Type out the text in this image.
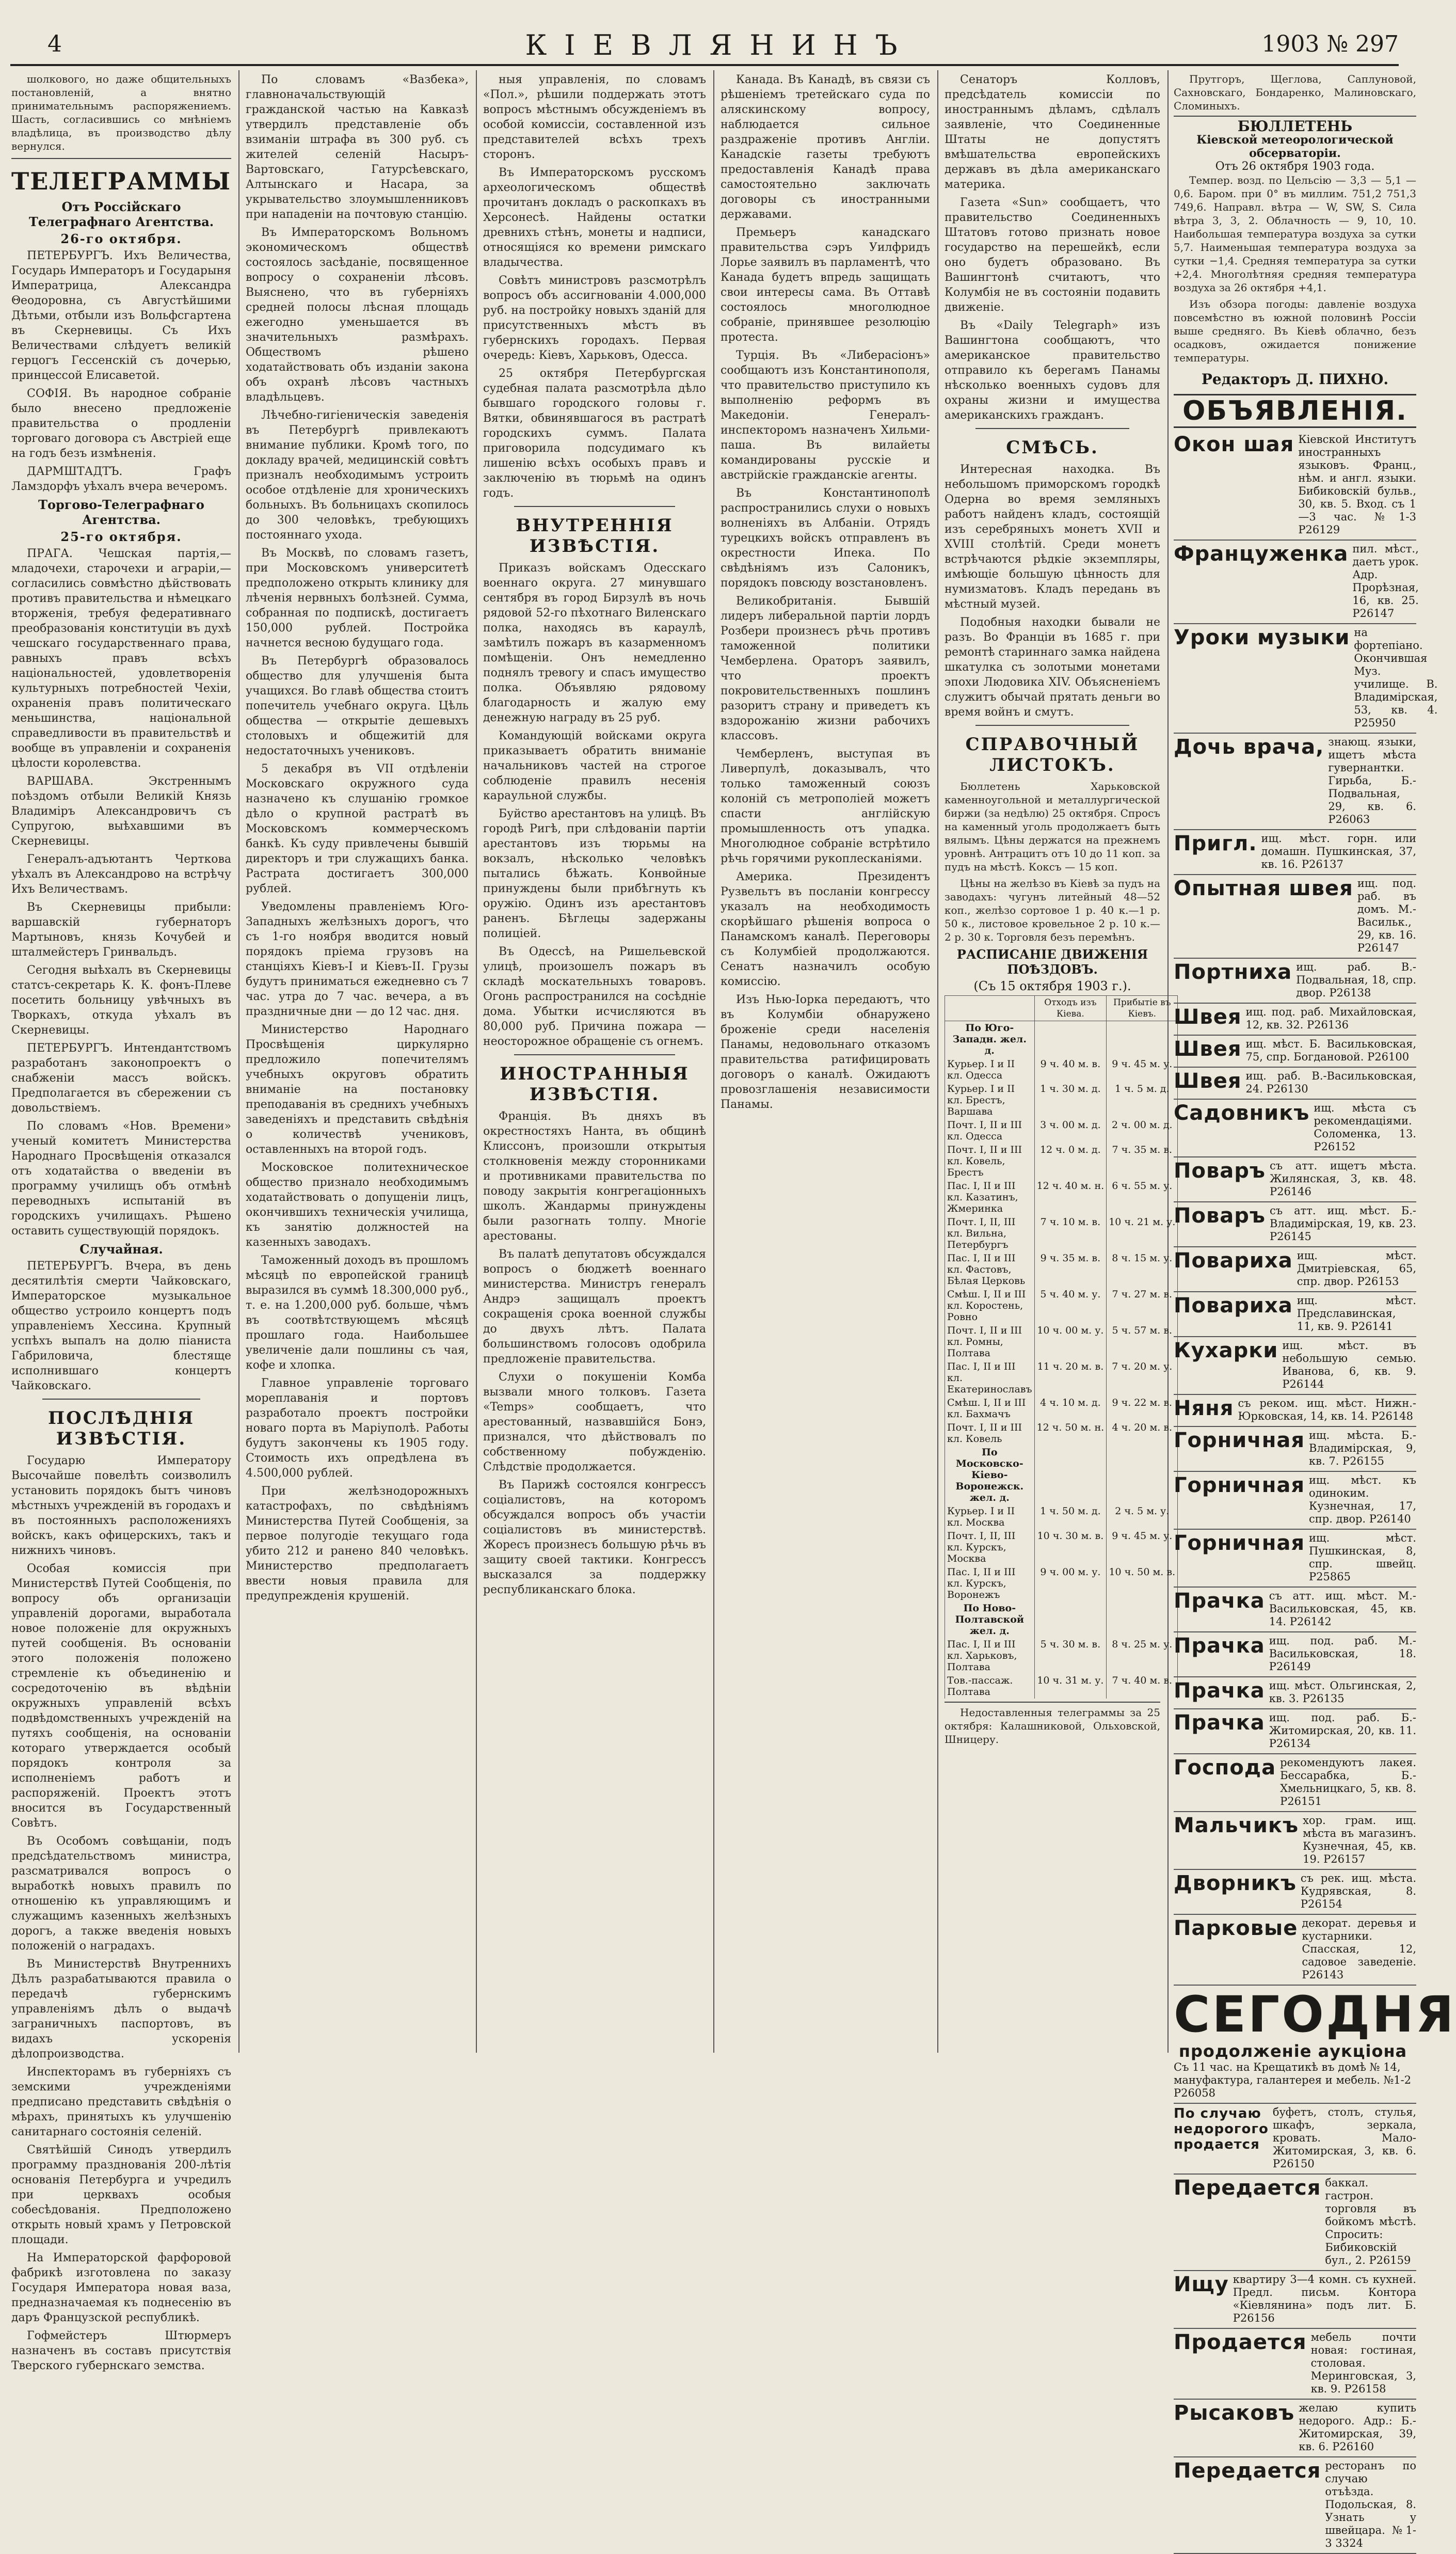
4	КІЕВЛЯНИНЪ	1903 № 297

шолкового, но даже общительныхъ постановленій, а внятно принимательнымъ распоряжениемъ. Шасть, согласившись со мнѣніемъ владѣлица, въ производство дѣлу вернулся.

ТЕЛЕГРАММЫ
Отъ Россійскаго Телеграфнаго Агентства.
26-го октября.

ПЕТЕРБУРГЪ. Ихъ Величества, Государь Императоръ и Государыня Императрица, Александра Θеодоровна, съ Августѣйшими Дѣтьми, отбыли изъ Вольфсгартена въ Скерневицы. Съ Ихъ Величествами слѣдуетъ великій герцогъ Гессенскій съ дочерью, принцессой Елисаветой.

СОФІЯ. Въ народное собраніе было внесено предложеніе правительства о продленіи торговаго договора съ Австріей еще на годъ безъ измѣненія.

ДАРМШТАДТЪ. Графъ Ламздорфъ уѣхалъ вчера вечеромъ.

Торгово-Телеграфнаго Агентства.
25-го октября.

ПРАГА. Чешская партія,—младочехи, старочехи и аграріи,—согласились совмѣстно дѣйствовать противъ правительства и нѣмецкаго вторженія, требуя федеративнаго преобразованія конституціи въ духѣ чешскаго государственнаго права, равныхъ правъ всѣхъ національностей, удовлетворенія культурныхъ потребностей Чехіи, охраненія правъ политическаго меньшинства, національной справедливости въ правительствѣ и вообще въ управленіи и сохраненія цѣлости королевства.

ВАРШАВА. Экстреннымъ поѣздомъ отбыли Великій Князь Владиміръ Александровичъ съ Супругою, выѣхавшими въ Скерневицы.

Генералъ-адъютантъ Черткова уѣхалъ въ Александрово на встрѣчу Ихъ Величествамъ.

Въ Скерневицы прибыли: варшавскій губернаторъ Мартыновъ, князь Кочубей и шталмейстеръ Гринвальдъ.

Сегодня выѣхалъ въ Скерневицы статсъ-секретарь К. К. фонъ-Плеве посетить больницу увѣчныхъ въ Творкахъ, откуда уѣхалъ въ Скерневицы.

ПЕТЕРБУРГЪ. Интендантствомъ разработанъ законопроектъ о снабженіи массъ войскъ. Предполагается въ сбережении съ довольствіемъ.

По словамъ «Нов. Времени» ученый комитетъ Министерства Народнаго Просвѣщенія отказался отъ ходатайства о введеніи въ программу училищъ объ отмѣнѣ переводныхъ испытаній въ городскихъ училищахъ. Рѣшено оставить существующій порядокъ.

Случайная.

ПЕТЕРБУРГЪ. Вчера, въ день десятилѣтія смерти Чайковскаго, Императорское музыкальное общество устроило концертъ подъ управленіемъ Хессина. Крупный успѣхъ выпалъ на долю піанистa Габриловича, блестяще исполнившаго концертъ Чайковскаго.

ПОСЛѢДНІЯ ИЗВѢСТІЯ.

Государю Императору Высочайше повелѣть соизволилъ установить порядокъ бытъ чиновъ мѣстныхъ учрежденій въ городахъ и въ постоянныхъ расположенияхъ войскъ, какъ офицерскихъ, такъ и нижнихъ чиновъ.

Особая комиссія при Министерствѣ Путей Сообщенія, по вопросу объ организаціи управленій дорогами, выработала новое положеніе для окружныхъ путей сообщенія. Въ основаніи этого положенія положено стремленіе къ объединенію и сосредоточенію въ вѣдѣніи окружныхъ управленій всѣхъ подвѣдомственныхъ учрежденій на путяхъ сообщенія, на основаніи котораго утверждается особый порядокъ контроля за исполненіемъ работъ и распоряженій. Проектъ этотъ вносится въ Государственный Совѣтъ.

Въ Особомъ совѣщаніи, подъ предсѣдательствомъ министра, разсматривался вопросъ о выработкѣ новыхъ правилъ по отношенію къ управляющимъ и служащимъ казенныхъ желѣзныхъ дорогъ, а также введенія новыхъ положеній о наградахъ.

Въ Министерствѣ Внутреннихъ Дѣлъ разрабатываются правила о передачѣ губернскимъ управленіямъ дѣлъ о выдачѣ заграничныхъ паспортовъ, въ видахъ ускоренія дѣлопроизводства.

Инспекторамъ въ губерніяхъ съ земскими учрежденіями предписано представить свѣдѣнія о мѣрахъ, принятыхъ къ улучшенію санитарнаго состоянія селеній.

Святѣйшій Синодъ утвердилъ программу празднованія 200-лѣтія основанія Петербурга и учредилъ при церквахъ особыя собесѣдованія. Предположено открыть новый храмъ у Петровской площади.

На Императорской фарфоровой фабрикѣ изготовлена по заказу Государя Императора новая ваза, предназначаемая къ поднесенію въ даръ Французской республикѣ.

Гофмейстеръ Штюрмеръ назначенъ въ составъ присутствія Тверского губернскаго земства.

По словамъ «Вазбека», главноначальствующій гражданской частью на Кавказѣ утвердилъ представленіе объ взиманіи штрафа въ 300 руб. съ жителей селеній Насыръ-Вартовскаго, Гатурсѣевскаго, Алтынскаго и Насара, за укрывательство злоумышленниковъ при нападеніи на почтовую станцію.

Въ Императорскомъ Вольномъ экономическомъ обществѣ состоялось засѣданіе, посвященное вопросу о сохраненіи лѣсовъ. Выяснено, что въ губерніяхъ средней полосы лѣсная площадь ежегодно уменьшается въ значительныхъ размѣрахъ. Обществомъ рѣшено ходатайствовать объ изданіи закона объ охранѣ лѣсовъ частныхъ владѣльцевъ.

Лѣчебно-гигіеническія заведенія въ Петербургѣ привлекаютъ внимание публики. Кромѣ того, по докладу врачей, медицинскій совѣтъ призналъ необходимымъ устроить особое отдѣленіе для хроническихъ больныхъ. Въ больницахъ скопилось до 300 человѣкъ, требующихъ постояннаго ухода.

Въ Москвѣ, по словамъ газетъ, при Московскомъ университетѣ предположено открыть клинику для лѣченія нервныхъ болѣзней. Сумма, собранная по подпискѣ, достигаетъ 150,000 рублей. Постройка начнется весною будущаго года.

Въ Петербургѣ образовалось общество для улучшенія быта учащихся. Во главѣ общества стоитъ попечитель учебнаго округа. Цѣль общества — открытіе дешевыхъ столовыхъ и общежитій для недостаточныхъ учениковъ.

5 декабря въ VII отдѣленіи Московскаго окружного суда назначено къ слушанію громкое дѣло о крупной растратѣ въ Московскомъ коммерческомъ банкѣ. Къ суду привлечены бывшій директоръ и три служащихъ банка. Растрата достигаетъ 300,000 рублей.

Уведомлены правленіемъ Юго-Западныхъ желѣзныхъ дорогъ, что съ 1-го ноября вводится новый порядокъ пріема грузовъ на станціяхъ Кіевъ-І и Кіевъ-ІІ. Грузы будутъ приниматься ежедневно съ 7 час. утра до 7 час. вечера, а въ праздничные дни — до 12 час. дня.

Министерство Народнаго Просвѣщенія циркулярно предложило попечителямъ учебныхъ округовъ обратить вниманіе на постановку преподаванія въ среднихъ учебныхъ заведеніяхъ и представить свѣдѣнія о количествѣ учениковъ, оставленныхъ на второй годъ.

Московское политехническое общество признало необходимымъ ходатайствовать о допущеніи лицъ, окончившихъ техническія училища, къ занятію должностей на казенныхъ заводахъ.

Таможенный доходъ въ прошломъ мѣсяцѣ по европейской границѣ выразился въ суммѣ 18.300,000 руб., т. е. на 1.200,000 руб. больше, чѣмъ въ соотвѣтствующемъ мѣсяцѣ прошлаго года. Наибольшее увеличеніе дали пошлины съ чая, кофе и хлопка.

Главное управленіе торговаго мореплаванія и портовъ разработало проектъ постройки новаго порта въ Маріуполѣ. Работы будутъ закончены къ 1905 году. Стоимость ихъ опредѣлена въ 4.500,000 рублей.

При желѣзнодорожныхъ катастрофахъ, по свѣдѣніямъ Министерства Путей Сообщенія, за первое полугодіе текущаго года убито 212 и ранено 840 человѣкъ. Министерство предполагаетъ ввести новыя правила для предупрежденія крушеній.

ныя управленія, по словамъ «Пол.», рѣшили поддержать этотъ вопросъ мѣстнымъ обсужденіемъ въ особой комиссіи, составленной изъ представителей всѣхъ трехъ сторонъ.

Въ Императорскомъ русскомъ археологическомъ обществѣ прочитанъ докладъ о раскопкахъ въ Херсонесѣ. Найдены остатки древнихъ стѣнъ, монеты и надписи, относящіяся ко времени римскаго владычества.

Совѣтъ министровъ разсмотрѣлъ вопросъ объ ассигнованіи 4.000,000 руб. на постройку новыхъ зданій для присутственныхъ мѣстъ въ губернскихъ городахъ. Первая очередь: Кіевъ, Харьковъ, Одесса.

25 октября Петербургская судебная палата разсмотрѣла дѣло бывшаго городского головы г. Вятки, обвинявшагося въ растратѣ городскихъ суммъ. Палата приговорила подсудимаго къ лишенію всѣхъ особыхъ правъ и заключенію въ тюрьмѣ на одинъ годъ.

ВНУТРЕННІЯ ИЗВѢСТІЯ.

Приказъ войскамъ Одесскаго военнаго округа. 27 минувшаго сентября въ город Бирзулѣ въ ночь рядовой 52-го пѣхотнаго Виленскаго полка, находясь въ караулѣ, замѣтилъ пожаръ въ казарменномъ помѣщеніи. Онъ немедленно поднялъ тревогу и спасъ имущество полка. Объявляю рядовому благодарность и жалую ему денежную награду въ 25 руб.

Командующій войсками округа приказываетъ обратить вниманіе начальниковъ частей на строгое соблюденіе правилъ несенія караульной службы.

Буйство арестантовъ на улицѣ. Въ городѣ Ригѣ, при слѣдованіи партіи арестантовъ изъ тюрьмы на вокзалъ, нѣсколько человѣкъ пытались бѣжать. Конвойные принуждены были прибѣгнуть къ оружію. Одинъ изъ арестантовъ раненъ. Бѣглецы задержаны полиціей.

Въ Одессѣ, на Ришельевской улицѣ, произошелъ пожаръ въ складѣ москательныхъ товаровъ. Огонь распространился на сосѣдніе дома. Убытки исчисляются въ 80,000 руб. Причина пожара — неосторожное обращеніе съ огнемъ.

ИНОСТРАННЫЯ ИЗВѢСТІЯ.

Франція. Въ дняхъ въ окрестностяхъ Нанта, въ общинѣ Клиссонъ, произошли открытыя столкновенія между сторонниками и противниками правительства по поводу закрытія конгрегаціонныхъ школъ. Жандармы принуждены были разогнать толпу. Многіе арестованы.

Въ палатѣ депутатовъ обсуждался вопросъ о бюджетѣ военнаго министерства. Министръ генералъ Андрэ защищалъ проектъ сокращенія срока военной службы до двухъ лѣтъ. Палата большинствомъ голосовъ одобрила предложеніе правительства.

Слухи о покушеніи Комба вызвали много толковъ. Газета «Temps» сообщаетъ, что арестованный, назвавшійся Бонэ, признался, что дѣйствовалъ по собственному побужденію. Слѣдствіе продолжается.

Въ Парижѣ состоялся конгрессъ соціалистовъ, на которомъ обсуждался вопросъ объ участіи соціалистовъ въ министерствѣ. Жоресъ произнесъ большую рѣчь въ защиту своей тактики. Конгрессъ высказался за поддержку республиканскаго блока.

Канада. Въ Канадѣ, въ связи съ рѣшеніемъ третейскаго суда по аляскинскому вопросу, наблюдается сильное раздраженіе противъ Англіи. Канадскіе газеты требуютъ предоставленія Канадѣ права самостоятельно заключать договоры съ иностранными державами.

Премьеръ канадскаго правительства сэръ Уилфридъ Лорье заявилъ въ парламентѣ, что Канада будетъ впредь защищать свои интересы сама. Въ Оттавѣ состоялось многолюдное собраніе, принявшее резолюцію протеста.

Турція. Въ «Либерасіонъ» сообщаютъ изъ Константинополя, что правительство приступило къ выполненію реформъ въ Македоніи. Генералъ-инспекторомъ назначенъ Хильми-паша. Въ вилайеты командированы русскіе и австрійскіе гражданскіе агенты.

Въ Константинополѣ распространились слухи о новыхъ волненіяхъ въ Албаніи. Отрядъ турецкихъ войскъ отправленъ въ окрестности Ипека. По свѣдѣніямъ изъ Салоникъ, порядокъ повсюду возстановленъ.

Великобританія. Бывшій лидеръ либеральной партіи лордъ Розбери произнесъ рѣчь противъ таможенной политики Чемберлена. Ораторъ заявилъ, что проектъ покровительственныхъ пошлинъ разоритъ страну и приведетъ къ вздорожанію жизни рабочихъ классовъ.

Чемберленъ, выступая въ Ливерпулѣ, доказывалъ, что только таможенный союзъ колоній съ метрополіей можетъ спасти англійскую промышленность отъ упадка. Многолюдное собраніе встрѣтило рѣчь горячими рукоплесканіями.

Америка. Президентъ Рузвельтъ въ посланіи конгрессу указалъ на необходимость скорѣйшаго рѣшенія вопроса о Панамскомъ каналѣ. Переговоры съ Колумбіей продолжаются. Сенатъ назначилъ особую комиссію.

Изъ Нью-Іорка передаютъ, что въ Колумбіи обнаружено броженіе среди населенія Панамы, недовольнаго отказомъ правительства ратифицировать договоръ о каналѣ. Ожидаютъ провозглашенія независимости Панамы.

Сенаторъ Колловъ, предсѣдатель комиссіи по иностраннымъ дѣламъ, сдѣлалъ заявленіе, что Соединенные Штаты не допустятъ вмѣшательства европейскихъ державъ въ дѣла американскаго материка.

Газета «Sun» сообщаетъ, что правительство Соединенныхъ Штатовъ готово признать новое государство на перешейкѣ, если оно будетъ образовано. Въ Вашингтонѣ считаютъ, что Колумбія не въ состояніи подавить движеніе.

Въ «Daily Telegraph» изъ Вашингтона сообщаютъ, что американское правительство отправило къ берегамъ Панамы нѣсколько военныхъ судовъ для охраны жизни и имущества американскихъ гражданъ.

СМѢСЬ.

Интересная находка. Въ небольшомъ приморскомъ городкѣ Одерна во время земляныхъ работъ найденъ кладъ, состоящій изъ серебряныхъ монетъ XVII и XVIII столѣтій. Среди монетъ встрѣчаются рѣдкіе экземпляры, имѣющіе большую цѣнность для нумизматовъ. Кладъ передань въ мѣстный музей.

Подобныя находки бывали не разъ. Во Франціи въ 1685 г. при ремонтѣ стариннаго замка найдена шкатулка съ золотыми монетами эпохи Людовика XIV. Объясненіемъ служитъ обычай прятать деньги во время войнъ и смутъ.

СПРАВОЧНЫЙ ЛИСТОКЪ.

Бюллетень Харьковской каменноугольной и металлургической биржи (за недѣлю) 25 октября. Спросъ на каменный уголь продолжаетъ быть вялымъ. Цѣны держатся на прежнемъ уровнѣ. Антрацитъ отъ 10 до 11 коп. за пудъ на мѣстѣ. Коксъ — 15 коп.

Цѣны на желѣзо въ Кіевѣ за пудъ на заводахъ: чугунъ литейный 48—52 коп., желѣзо сортовое 1 р. 40 к.—1 р. 50 к., листовое кровельное 2 р. 10 к.—2 р. 30 к. Торговля безъ перемѣнъ.

РАСПИСАНІЕ ДВИЖЕНІЯ ПОѢЗДОВЪ.
(Съ 15 октября 1903 г.).
	Отходъ изъ Кіева.	Прибытіе въ Кіевъ.
По Юго-Западн. жел. д.		
Курьер. I и II кл. Одесса	9 ч. 40 м. в.	9 ч. 45 м. у.
Курьер. I и II кл. Брестъ, Варшава	1 ч. 30 м. д.	1 ч. 5 м. д.
Почт. I, II и III кл. Одесса	3 ч. 00 м. д.	2 ч. 00 м. д.
Почт. I, II и III кл. Ковель, Брестъ	12 ч. 0 м. д.	7 ч. 35 м. в.
Пас. I, II и III кл. Казатинъ, Жмеринка	12 ч. 40 м. н.	6 ч. 55 м. у.
Почт. I, II, III кл. Вильна, Петербургъ	7 ч. 10 м. в.	10 ч. 21 м. у.
Пас. I, II и III кл. Фастовъ, Бѣлая Церковь	9 ч. 35 м. в.	8 ч. 15 м. у.
Смѣш. I, II и III кл. Коростень, Ровно	5 ч. 40 м. у.	7 ч. 27 м. в.
Почт. I, II и III кл. Ромны, Полтава	10 ч. 00 м. у.	5 ч. 57 м. в.
Пас. I, II и III кл. Екатеринославъ	11 ч. 20 м. в.	7 ч. 20 м. у.
Смѣш. I, II и III кл. Бахмачъ	4 ч. 10 м. д.	9 ч. 22 м. в.
Почт. I, II и III кл. Ковель	12 ч. 50 м. н.	4 ч. 20 м. в.
По Московско-Кіево-Воронежск. жел. д.		
Курьер. I и II кл. Москва	1 ч. 50 м. д.	2 ч. 5 м. у.
Почт. I, II, III кл. Курскъ, Москва	10 ч. 30 м. в.	9 ч. 45 м. у.
Пас. I, II и III кл. Курскъ, Воронежъ	9 ч. 00 м. у.	10 ч. 50 м. в.
По Ново-Полтавской жел. д.		
Пас. I, II и III кл. Харьковъ, Полтава	5 ч. 30 м. в.	8 ч. 25 м. у.
Тов.-пассаж. Полтава	10 ч. 31 м. у.	7 ч. 40 м. в.

Недоставленныя телеграммы за 25 октября: Калашниковой, Ольховской, Шницеру.

Прутгоръ, Щеглова, Саплуновой, Сахновскаго, Бондаренко, Малиновскаго, Сломиныхъ.

БЮЛЛЕТЕНЬ
Кіевской метеорологической обсерваторіи.
Отъ 26 октября 1903 года.

Темпер. возд. по Цельсію — 3,3 — 5,1 — 0,6. Баром. при 0° въ миллим. 751,2 751,3 749,6. Направл. вѣтра — W, SW, S. Сила вѣтра 3, 3, 2. Облачность — 9, 10, 10. Наибольшая температура воздуха за сутки 5,7. Наименьшая температура воздуха за сутки −1,4. Средняя температура за сутки +2,4. Многолѣтняя средняя температура воздуха за 26 октября +4,1.

Изъ обзора погоды: давленіе воздуха повсемѣстно въ южной половинѣ Россіи выше средняго. Въ Кіевѣ облачно, безъ осадковъ, ожидается понижение температуры.

Редакторъ Д. ПИХНО.
ОБЪЯВЛЕНІЯ.
Окон шая Кіевской Институтъ иностранныхъ языковъ. Франц., нѣм. и англ. языки. Бибиковскій бульв., 30, кв. 5. Вход. съ 1—3 час. №1-3 Р26129
Француженка пил. мѣст., даетъ урок. Адр. Прорѣзная, 16, кв. 25. Р26147
Уроки музыки на фортепіано. Окончившая Муз. училище. В. Владимірская, 53, кв. 4. Р25950
Дочь врача, знающ. языки, ищетъ мѣста гувернантки. Гирьба, Б.-Подвальная, 29, кв. 6. Р26063
Пригл. ищ. мѣст. горн. или домашн. Пушкинская, 37, кв. 16. Р26137
Опытная швея ищ. под. раб. въ домъ. М.-Васильк., 29, кв. 16. Р26147
Портниха ищ. раб. В.-Подвальная, 18, спр. двор. Р26138
Швея ищ. под. раб. Михайловская, 12, кв. 32. Р26136
Швея ищ. мѣст. Б. Васильковская, 75, спр. Богдановой. Р26100
Швея ищ. раб. В.-Васильковская, 24. Р26130
Садовникъ ищ. мѣста съ рекомендаціями. Соломенка, 13. Р26152
Поваръ съ атт. ищетъ мѣста. Жилянская, 3, кв. 48. Р26146
Поваръ съ атт. ищ. мѣст. Б.-Владимірская, 19, кв. 23. Р26145
Повариха ищ. мѣст. Дмитріевская, 65, спр. двор. Р26153
Повариха ищ. мѣст. Предславинская, 11, кв. 9. Р26141
Кухарки ищ. мѣст. въ небольшую семью. Иванова, 6, кв. 9. Р26144
Няня съ реком. ищ. мѣст. Нижн.-Юрковская, 14, кв. 14. Р26148
Горничная ищ. мѣста. Б.-Владимірская, 9, кв. 7. Р26155
Горничная ищ. мѣст. къ одиноким. Кузнечная, 17, спр. двор. Р26140
Горничная ищ. мѣст. Пушкинская, 8, спр. швейц. Р25865
Прачка съ атт. ищ. мѣст. М.-Васильковская, 45, кв. 14. Р26142
Прачка ищ. под. раб. М.-Васильковская, 18. Р26149
Прачка ищ. мѣст. Ольгинская, 2, кв. 3. Р26135
Прачка ищ. под. раб. Б.-Житомирская, 20, кв. 11. Р26134
Господа рекомендуютъ лакея. Бессарабка, Б.-Хмельницкаго, 5, кв. 8. Р26151
Мальчикъ хор. грам. ищ. мѣста въ магазинъ. Кузнечная, 45, кв. 19. Р26157
Дворникъ съ рек. ищ. мѣста. Кудрявская, 8. Р26154
Парковые декорат. деревья и кустарники. Спасская, 12, садовое заведеніе. Р26143
СЕГОДНЯ
продолженіе аукціона
Съ 11 час. на Крещатикѣ въ домѣ № 14, мануфактура, галантерея и мебель. №1-2 Р26058
По случаю недорогого продается
буфетъ, столъ, стулья, шкафъ, зеркала, кровать. Мало-Житомирская, 3, кв. 6. Р26150
Передается баккал. гастрон. торговля въ бойкомъ мѣстѣ. Спросить: Бибиковскій бул., 2. Р26159
Ищу квартиру 3—4 комн. съ кухней. Предл. письм. Контора «Кіевлянина» подъ лит. Б. Р26156
Продается мебель почти новая: гостиная, столовая. Меринговская, 3, кв. 9. Р26158
Рысаковъ желаю купить недорого. Адр.: Б.-Житомирская, 39, кв. 6. Р26160
Передается ресторанъ по случаю отъѣзда. Подольская, 8. Узнать у швейцара. №1-3 3324
